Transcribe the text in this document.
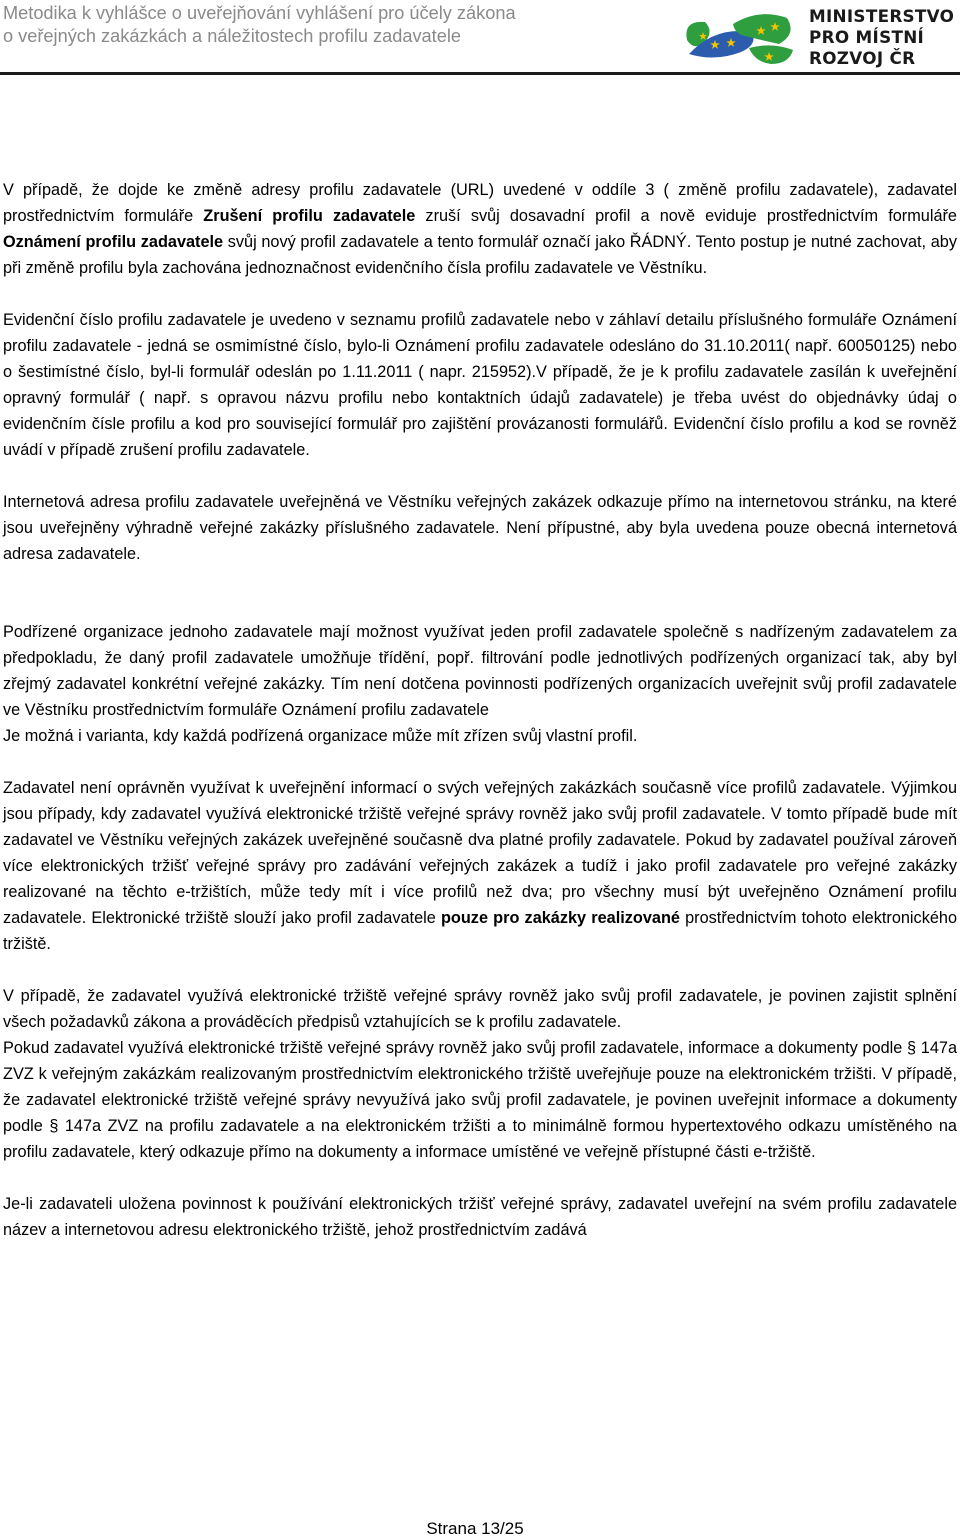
Metodika k vyhlášce o uveřejňování vyhlášení pro účely zákona
o veřejných zakázkách a náležitostech profilu zadavatele
MINISTERSTVO
PRO MÍSTNÍ
ROZVOJ ČR

V případě, že dojde ke změně adresy profilu zadavatele (URL) uvedené v oddíle 3 ( změně profilu zadavatele), zadavatel prostřednictvím formuláře Zrušení profilu zadavatele zruší svůj dosavadní profil a nově eviduje prostřednictvím formuláře Oznámení profilu zadavatele svůj nový profil zadavatele a tento formulář označí jako ŘÁDNÝ. Tento postup je nutné zachovat, aby při změně profilu byla zachována jednoznačnost evidenčního čísla profilu zadavatele ve Věstníku.

Evidenční číslo profilu zadavatele je uvedeno v seznamu profilů zadavatele nebo v záhlaví detailu příslušného formuláře Oznámení profilu zadavatele - jedná se osmimístné číslo, bylo-li Oznámení profilu zadavatele odesláno do 31.10.2011( např. 60050125) nebo o šestimístné číslo, byl-li formulář odeslán po 1.11.2011 ( napr. 215952).V případě, že je k profilu zadavatele zasílán k uveřejnění opravný formulář ( např. s opravou názvu profilu nebo kontaktních údajů zadavatele) je třeba uvést do objednávky údaj o evidenčním čísle profilu a kod pro související formulář pro zajištění provázanosti formulářů. Evidenční číslo profilu a kod se rovněž uvádí v případě zrušení profilu zadavatele.

Internetová adresa profilu zadavatele uveřejněná ve Věstníku veřejných zakázek odkazuje přímo na internetovou stránku, na které jsou uveřejněny výhradně veřejné zakázky příslušného zadavatele. Není přípustné, aby byla uvedena pouze obecná internetová adresa zadavatele.

Podřízené organizace jednoho zadavatele mají možnost využívat jeden profil zadavatele společně s nadřízeným zadavatelem za předpokladu, že daný profil zadavatele umožňuje třídění, popř. filtrování podle jednotlivých podřízených organizací tak, aby byl zřejmý zadavatel konkrétní veřejné zakázky. Tím není dotčena povinnosti podřízených organizacích uveřejnit svůj profil zadavatele ve Věstníku prostřednictvím formuláře Oznámení profilu zadavatele

Je možná i varianta, kdy každá podřízená organizace může mít zřízen svůj vlastní profil.

Zadavatel není oprávněn využívat k uveřejnění informací o svých veřejných zakázkách současně více profilů zadavatele. Výjimkou jsou případy, kdy zadavatel využívá elektronické tržiště veřejné správy rovněž jako svůj profil zadavatele. V tomto případě bude mít zadavatel ve Věstníku veřejných zakázek uveřejněné současně dva platné profily zadavatele. Pokud by zadavatel používal zároveň více elektronických tržišť veřejné správy pro zadávání veřejných zakázek a tudíž i jako profil zadavatele pro veřejné zakázky realizované na těchto e-tržištích, může tedy mít i více profilů než dva; pro všechny musí být uveřejněno Oznámení profilu zadavatele. Elektronické tržiště slouží jako profil zadavatele pouze pro zakázky realizované prostřednictvím tohoto elektronického tržiště.

V případě, že zadavatel využívá elektronické tržiště veřejné správy rovněž jako svůj profil zadavatele, je povinen zajistit splnění všech požadavků zákona a prováděcích předpisů vztahujících se k profilu zadavatele.

Pokud zadavatel využívá elektronické tržiště veřejné správy rovněž jako svůj profil zadavatele, informace a dokumenty podle § 147a ZVZ k veřejným zakázkám realizovaným prostřednictvím elektronického tržiště uveřejňuje pouze na elektronickém tržišti. V případě, že zadavatel elektronické tržiště veřejné správy nevyužívá jako svůj profil zadavatele, je povinen uveřejnit informace a dokumenty podle § 147a ZVZ na profilu zadavatele a na elektronickém tržišti a to minimálně formou hypertextového odkazu umístěného na profilu zadavatele, který odkazuje přímo na dokumenty a informace umístěné ve veřejně přístupné části e-tržiště.

Je-li zadavateli uložena povinnost k používání elektronických tržišť veřejné správy, zadavatel uveřejní na svém profilu zadavatele název a internetovou adresu elektronického tržiště, jehož prostřednictvím zadává

Strana 13/25
